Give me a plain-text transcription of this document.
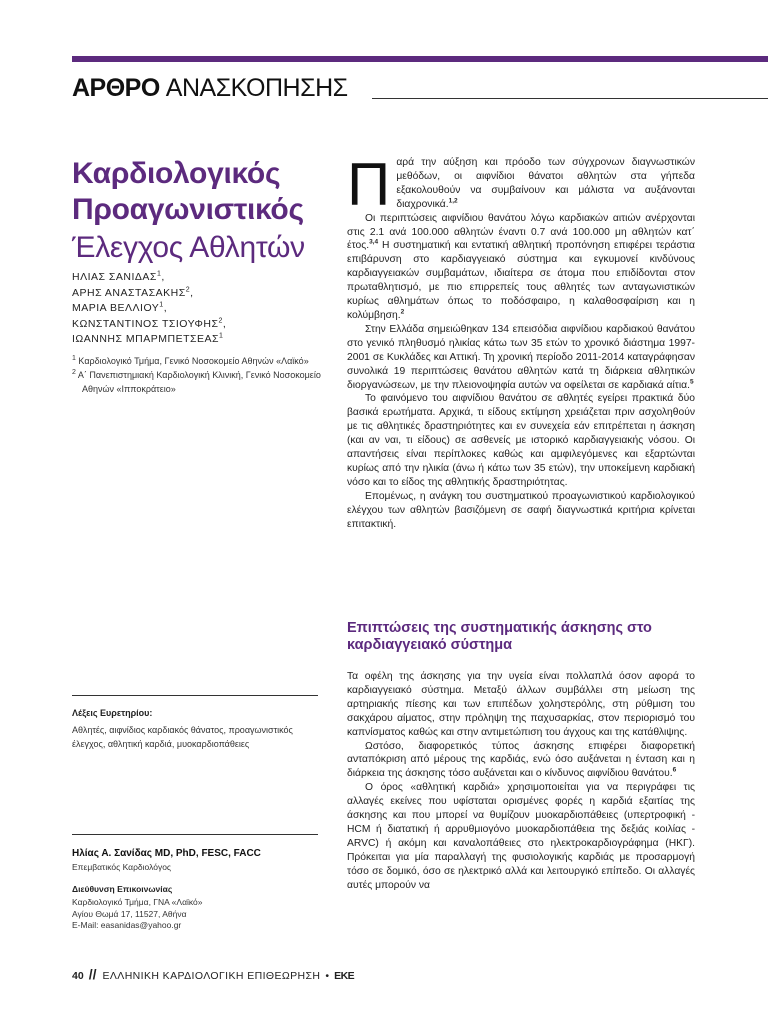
ΑΡΘΡΟ ΑΝΑΣΚΟΠΗΣΗΣ
Καρδιολογικός
Προαγωνιστικός
Έλεγχος Αθλητών
ΗΛΙΑΣ ΣΑΝΙΔΑΣ$^1$,
ΑΡΗΣ ΑΝΑΣΤΑΣΑΚΗΣ$^2$,
ΜΑΡΙΑ ΒΕΛΛΙΟΥ$^1$,
ΚΩΝΣΤΑΝΤΙΝΟΣ ΤΣΙΟΥΦΗΣ$^2$,
ΙΩΑΝΝΗΣ ΜΠΑΡΜΠΕΤΣΕΑΣ$^1$
$^1$ Καρδιολογικό Τμήμα, Γενικό Νοσοκομείο Αθηνών «Λαϊκό»
$^2$ Α΄ Πανεπιστημιακή Καρδιολογική Κλινική, Γενικό Νοσοκομείο Αθηνών «Ιπποκράτειο»
Λέξεις Ευρετηρίου:
Αθλητές, αιφνίδιος καρδιακός θάνατος, προαγωνιστικός έλεγχος, αθλητική καρδιά, μυοκαρδιοπάθειες
Ηλίας Α. Σανίδας MD, PhD, FESC, FACC
Επεμβατικός Καρδιολόγος
Διεύθυνση Επικοινωνίας
Καρδιολογικό Τμήμα, ΓΝΑ «Λαϊκό»
Αγίου Θωμά 17, 11527, Αθήνα
E-Mail: easanidas@yahoo.gr

Παρά την αύξηση και πρόοδο των σύγχρονων διαγνωστικών μεθόδων, οι αιφνίδιοι θάνατοι αθλητών στα γήπεδα εξακολουθούν να συμβαίνουν και μάλιστα να αυξάνονται διαχρονικά.$^{1,2}$

Οι περιπτώσεις αιφνίδιου θανάτου λόγω καρδιακών αιτιών ανέρχονται στις 2.1 ανά 100.000 αθλητών έναντι 0.7 ανά 100.000 μη αθλητών κατ΄ έτος.$^{3,4}$ Η συστηματική και εντατική αθλητική προπόνηση επιφέρει τεράστια επιβάρυνση στο καρδιαγγειακό σύστημα και εγκυμονεί κινδύνους καρδιαγγειακών συμβαμάτων, ιδιαίτερα σε άτομα που επιδίδονται στον πρωταθλητισμό, με πιο επιρρεπείς τους αθλητές των ανταγωνιστικών κυρίως αθλημάτων όπως το ποδόσφαιρο, η καλαθοσφαίριση και η κολύμβηση.$^2$

Στην Ελλάδα σημειώθηκαν 134 επεισόδια αιφνίδιου καρδιακού θανάτου στο γενικό πληθυσμό ηλικίας κάτω των 35 ετών το χρονικό διάστημα 1997-2001 σε Κυκλάδες και Αττική. Τη χρονική περίοδο 2011-2014 καταγράφησαν συνολικά 19 περιπτώσεις θανάτου αθλητών κατά τη διάρκεια αθλητικών διοργανώσεων, με την πλειονοψηφία αυτών να οφείλεται σε καρδιακά αίτια.$^5$

Το φαινόμενο του αιφνίδιου θανάτου σε αθλητές εγείρει πρακτικά δύο βασικά ερωτήματα. Αρχικά, τι είδους εκτίμηση χρειάζεται πριν ασχοληθούν με τις αθλητικές δραστηριότητες και εν συνεχεία εάν επιτρέπεται η άσκηση (και αν ναι, τι είδους) σε ασθενείς με ιστορικό καρδιαγγειακής νόσου. Οι απαντήσεις είναι περίπλοκες καθώς και αμφιλεγόμενες και εξαρτώνται κυρίως από την ηλικία (άνω ή κάτω των 35 ετών), την υποκείμενη καρδιακή νόσο και το είδος της αθλητικής δραστηριότητας.

Επομένως, η ανάγκη του συστηματικού προαγωνιστικού καρδιολογικού ελέγχου των αθλητών βασιζόμενη σε σαφή διαγνωστικά κριτήρια κρίνεται επιτακτική.

Επιπτώσεις της συστηματικής άσκησης στο καρδιαγγειακό σύστημα

Τα οφέλη της άσκησης για την υγεία είναι πολλαπλά όσον αφορά το καρδιαγγειακό σύστημα. Μεταξύ άλλων συμβάλλει στη μείωση της αρτηριακής πίεσης και των επιπέδων χοληστερόλης, στη ρύθμιση του σακχάρου αίματος, στην πρόληψη της παχυσαρκίας, στον περιορισμό του καπνίσματος καθώς και στην αντιμετώπιση του άγχους και της κατάθλιψης.

Ωστόσο, διαφορετικός τύπος άσκησης επιφέρει διαφορετική ανταπόκριση από μέρους της καρδιάς, ενώ όσο αυξάνεται η ένταση και η διάρκεια της άσκησης τόσο αυξάνεται και ο κίνδυνος αιφνίδιου θανάτου.$^6$

Ο όρος «αθλητική καρδιά» χρησιμοποιείται για να περιγράφει τις αλλαγές εκείνες που υφίσταται ορισμένες φορές η καρδιά εξαιτίας της άσκησης και που μπορεί να θυμίζουν μυοκαρδιοπάθειες (υπερτροφική - HCM ή διατατική ή αρρυθμιογόνο μυοκαρδιοπάθεια της δεξιάς κοιλίας - ARVC) ή ακόμη και καναλοπάθειες στο ηλεκτροκαρδιογράφημα (ΗΚΓ). Πρόκειται για μία παραλλαγή της φυσιολογικής καρδιάς με προσαρμογή τόσο σε δομικό, όσο σε ηλεκτρικό αλλά και λειτουργικό επίπεδο. Οι αλλαγές αυτές μπορούν να

40 // ΕΛΛΗΝΙΚΗ ΚΑΡΔΙΟΛΟΓΙΚΗ ΕΠΙΘΕΩΡΗΣΗ • ΕΚΕ
